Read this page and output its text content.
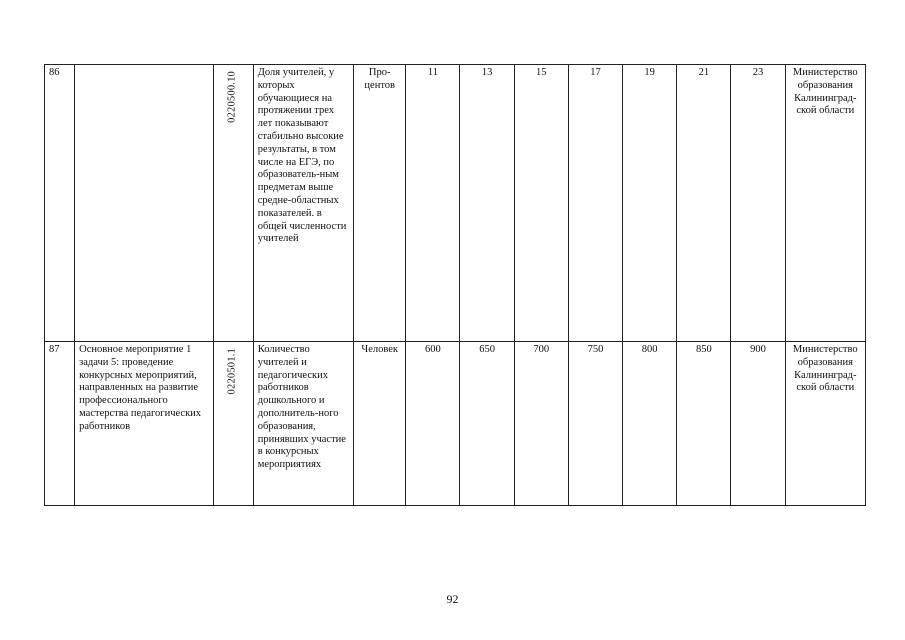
86		0220500.10	Доля учителей, у которых обучающиеся на протяжении трех лет показывают стабильно высокие результаты, в том числе на ЕГЭ, по образователь-ным предметам выше средне-областных показателей. в общей численности учителей	Про-центов	11	13	15	17	19	21	23	Министерство образования Калининград-ской области
87	Основное мероприятие 1 задачи 5: проведение конкурсных мероприятий, направленных на развитие профессионального мастерства педагогических работников	0220501.1	Количество учителей и педагогических работников дошкольного и дополнитель-ного образования, принявших участие в конкурсных мероприятиях	Человек	600	650	700	750	800	850	900	Министерство образования Калининград-ской области
92
